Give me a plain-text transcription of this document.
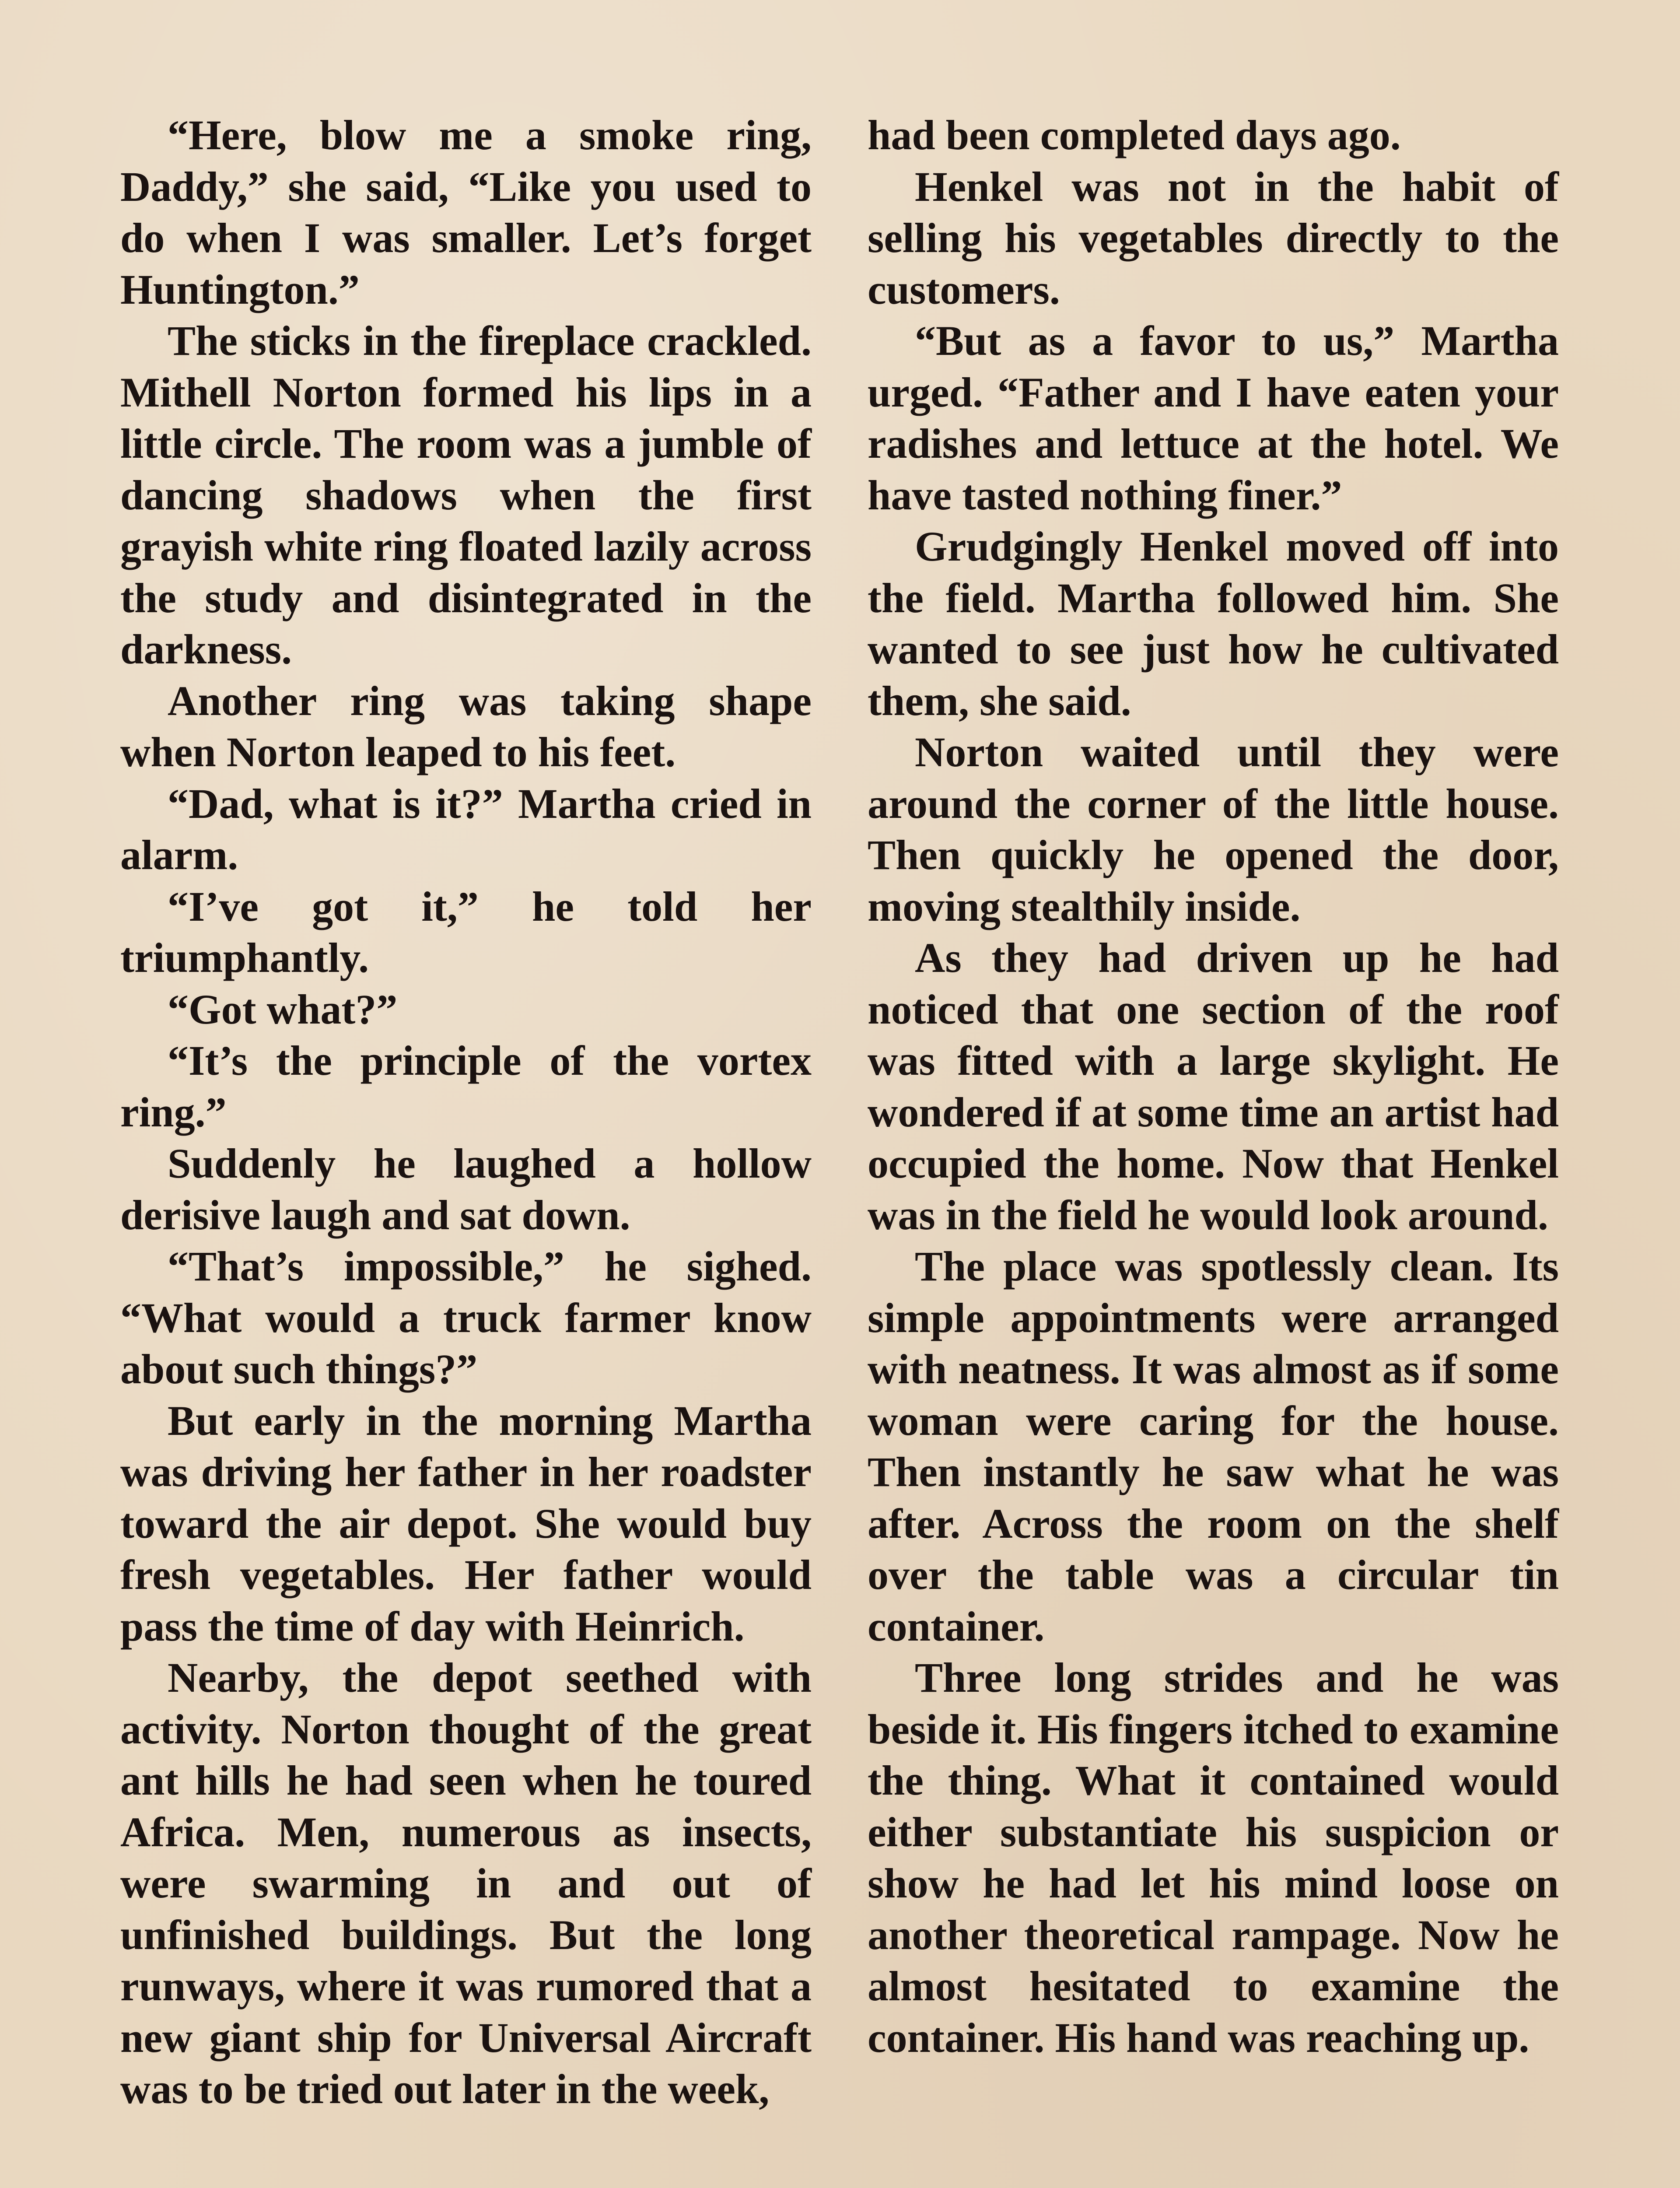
“Here, blow me a smoke ring, Daddy,” she said, “Like you used to do when I was smaller. Let’s forget Huntington.”

The sticks in the fireplace crackled. Mithell Norton formed his lips in a little circle. The room was a jumble of dancing shadows when the first grayish white ring floated lazily across the study and disintegrated in the darkness.

Another ring was taking shape when Norton leaped to his feet.

“Dad, what is it?” Martha cried in alarm.

“I’ve got it,” he told her triumphantly.

“Got what?”

“It’s the principle of the vortex ring.”

Suddenly he laughed a hollow derisive laugh and sat down.

“That’s impossible,” he sighed. “What would a truck farmer know about such things?”

But early in the morning Martha was driving her father in her roadster toward the air depot. She would buy fresh vegetables. Her father would pass the time of day with Heinrich.

Nearby, the depot seethed with activity. Norton thought of the great ant hills he had seen when he toured Africa. Men, numerous as insects, were swarming in and out of unfinished buildings. But the long runways, where it was rumored that a new giant ship for Universal Aircraft was to be tried out later in the week,

had been completed days ago.

Henkel was not in the habit of selling his vegetables directly to the customers.

“But as a favor to us,” Martha urged. “Father and I have eaten your radishes and lettuce at the hotel. We have tasted nothing finer.”

Grudgingly Henkel moved off into the field. Martha followed him. She wanted to see just how he cultivated them, she said.

Norton waited until they were around the corner of the little house. Then quickly he opened the door, moving stealthily inside.

As they had driven up he had noticed that one section of the roof was fitted with a large skylight. He wondered if at some time an artist had occupied the home. Now that Henkel was in the field he would look around.

The place was spotlessly clean. Its simple appointments were arranged with neatness. It was almost as if some woman were caring for the house. Then instantly he saw what he was after. Across the room on the shelf over the table was a circular tin container.

Three long strides and he was beside it. His fingers itched to examine the thing. What it contained would either substantiate his suspicion or show he had let his mind loose on another theoretical rampage. Now he almost hesitated to examine the container. His hand was reaching up.
